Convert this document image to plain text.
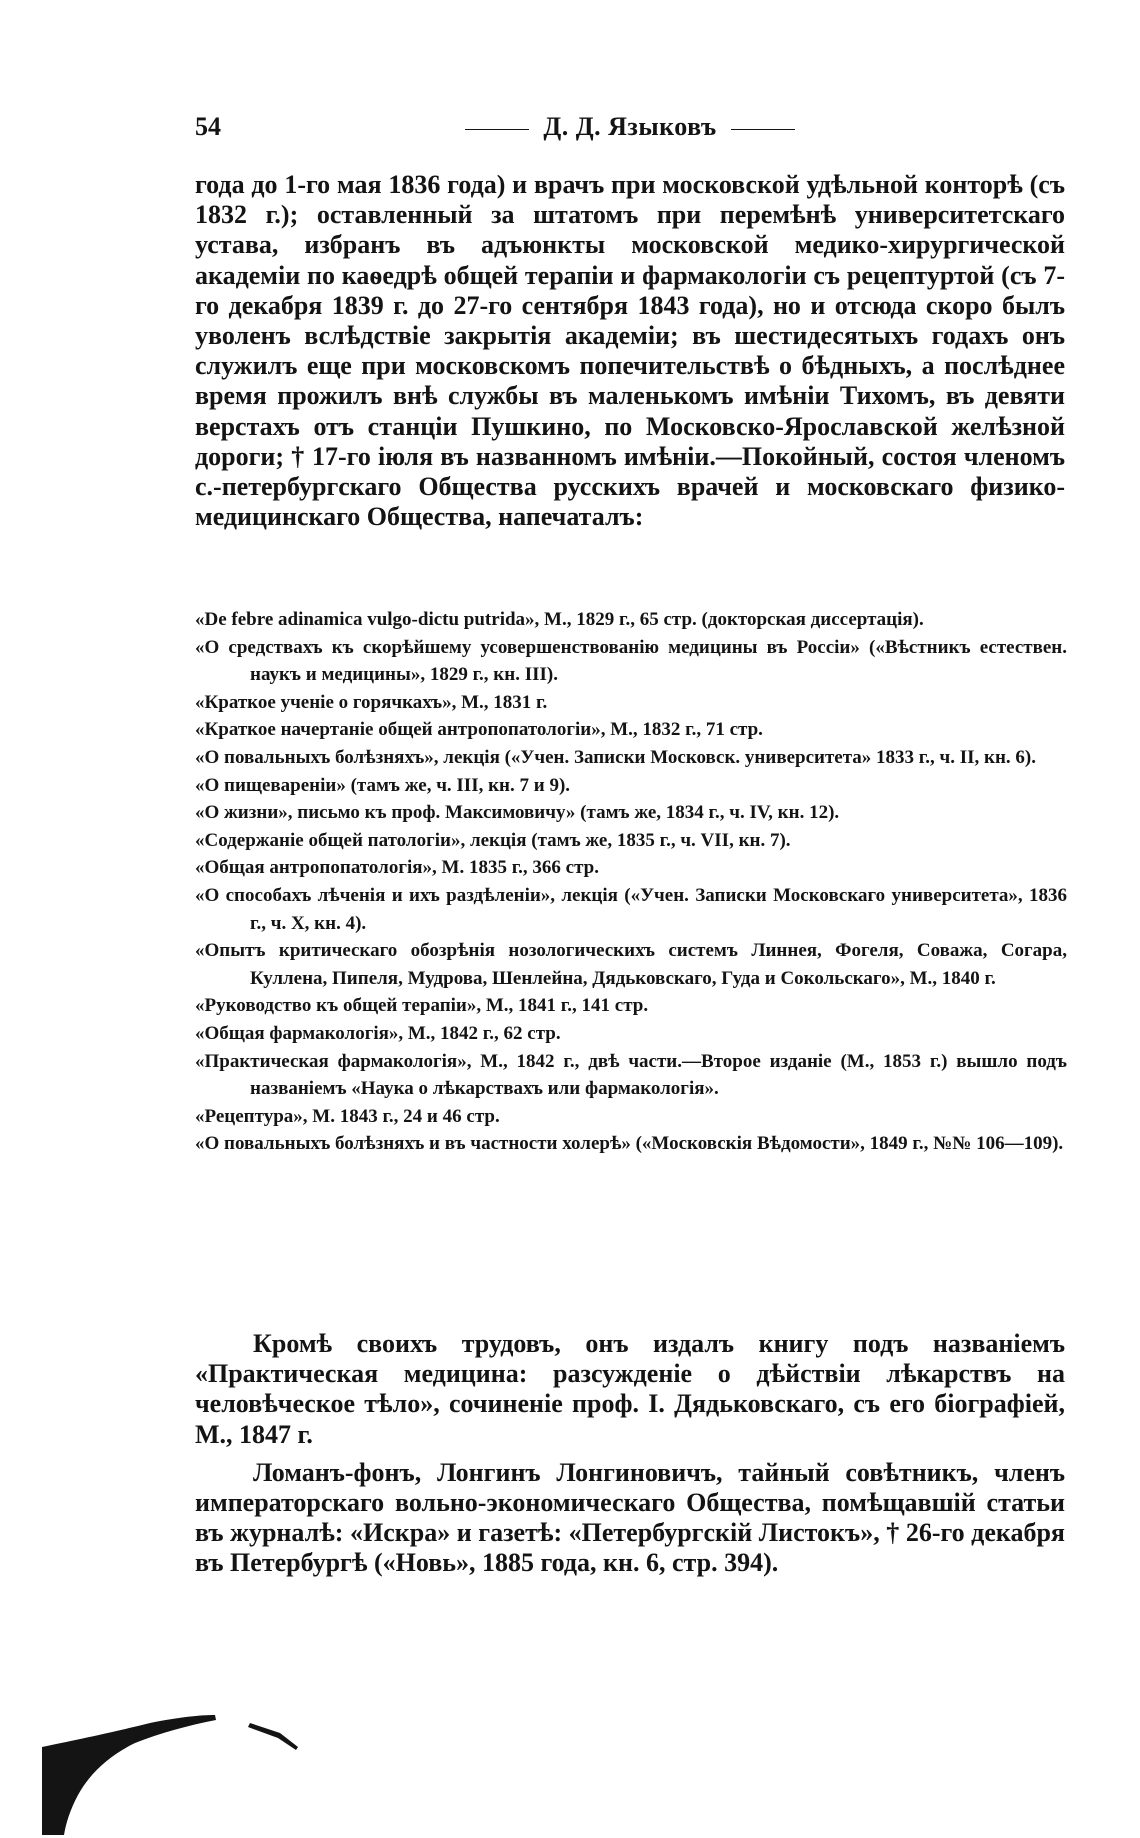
54	Д. Д. Языковъ
года до 1-го мая 1836 года) и врачъ при московской удѣльной конторѣ (съ 1832 г.); оставленный за штатомъ при перемѣнѣ университетскаго устава, избранъ въ адъюнкты московской медико-хирургической академіи по каѳедрѣ общей терапіи и фармакологіи съ рецептуртой (съ 7-го декабря 1839 г. до 27-го сентября 1843 года), но и отсюда скоро былъ уволенъ вслѣдствіе закрытія академіи; въ шестидесятыхъ годахъ онъ служилъ еще при московскомъ попечительствѣ о бѣдныхъ, а послѣднее время прожилъ внѣ службы въ маленькомъ имѣніи Тихомъ, въ девяти верстахъ отъ станціи Пушкино, по Московско-Ярославской желѣзной дороги; † 17-го іюля въ названномъ имѣніи.—Покойный, состоя членомъ с.-петербургскаго Общества русскихъ врачей и московскаго физико-медицинскаго Общества, напечаталъ:
«De febre adinamica vulgo-dictu putrida», М., 1829 г., 65 стр. (докторская диссертація).
«О средствахъ къ скорѣйшему усовершенствованію медицины въ Россіи» («Вѣстникъ естествен. наукъ и медицины», 1829 г., кн. III).
«Краткое ученіе о горячкахъ», М., 1831 г.
«Краткое начертаніе общей антропопатологіи», М., 1832 г., 71 стр.
«О повальныхъ болѣзняхъ», лекція («Учен. Записки Московск. университета» 1833 г., ч. II, кн. 6).
«О пищевареніи» (тамъ же, ч. III, кн. 7 и 9).
«О жизни», письмо къ проф. Максимовичу» (тамъ же, 1834 г., ч. IV, кн. 12).
«Содержаніе общей патологіи», лекція (тамъ же, 1835 г., ч. VII, кн. 7).
«Общая антропопатологія», М. 1835 г., 366 стр.
«О способахъ лѣченія и ихъ раздѣленіи», лекція («Учен. Записки Московскаго университета», 1836 г., ч. X, кн. 4).
«Опытъ критическаго обозрѣнія нозологическихъ системъ Линнея, Фогеля, Соважа, Согара, Куллена, Пипеля, Мудрова, Шенлейна, Дядьковскаго, Гуда и Сокольскаго», М., 1840 г.
«Руководство къ общей терапіи», М., 1841 г., 141 стр.
«Общая фармакологія», М., 1842 г., 62 стр.
«Практическая фармакологія», М., 1842 г., двѣ части.—Второе изданіе (М., 1853 г.) вышло подъ названіемъ «Наука о лѣкарствахъ или фармакологія».
«Рецептура», М. 1843 г., 24 и 46 стр.
«О повальныхъ болѣзняхъ и въ частности холерѣ» («Московскія Вѣдомости», 1849 г., №№ 106—109).

Кромѣ своихъ трудовъ, онъ издалъ книгу подъ названіемъ «Практическая медицина: разсужденіе о дѣйствіи лѣкарствъ на человѣческое тѣло», сочиненіе проф. I. Дядьковскаго, съ его біографіей, М., 1847 г.

Ломанъ-фонъ, Лонгинъ Лонгиновичъ, тайный совѣтникъ, членъ императорскаго вольно-экономическаго Общества, помѣщавшій статьи въ журналѣ: «Искра» и газетѣ: «Петербургскій Листокъ», † 26-го декабря въ Петербургѣ («Новь», 1885 года, кн. 6, стр. 394).
